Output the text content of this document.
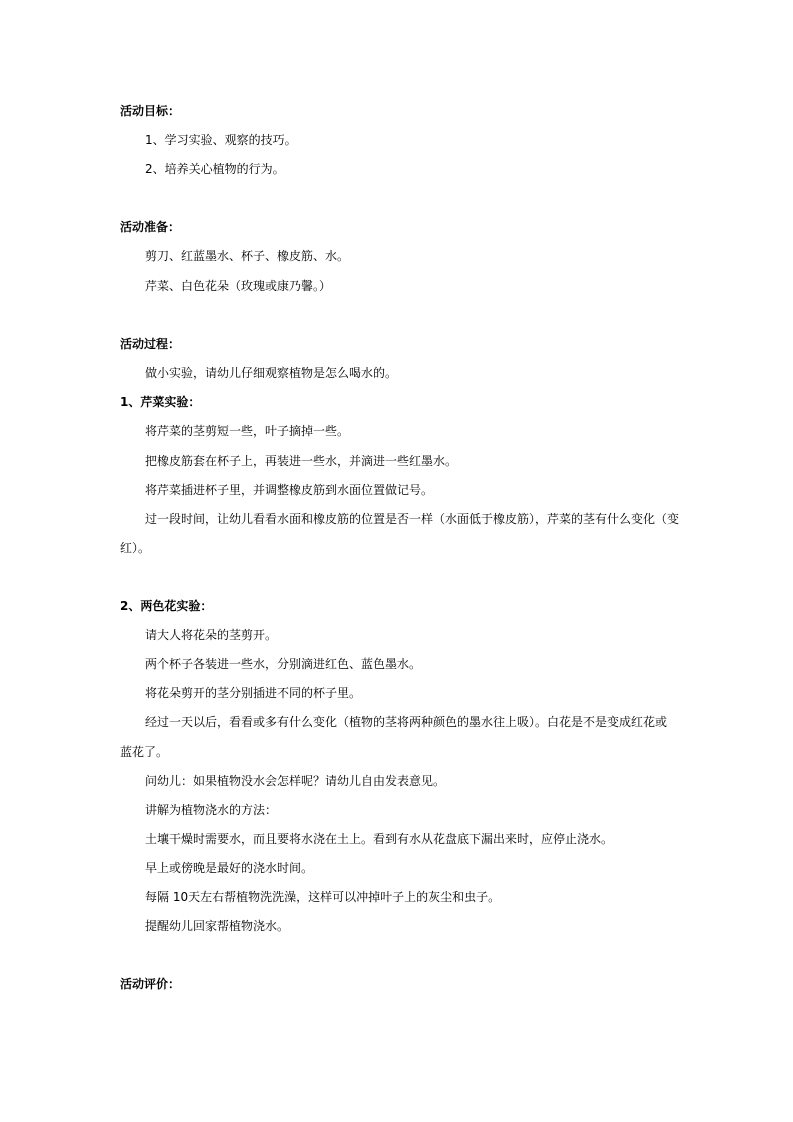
活动目标：
1、学习实验、观察的技巧。
2、培养关心植物的行为。
活动准备：
剪刀、红蓝墨水、杯子、橡皮筋、水。
芹菜、白色花朵（玫瑰或康乃馨。）
活动过程：
做小实验，请幼儿仔细观察植物是怎么喝水的。
1、芹菜实验：
将芹菜的茎剪短一些，叶子摘掉一些。
把橡皮筋套在杯子上，再装进一些水，并滴进一些红墨水。
将芹菜插进杯子里，并调整橡皮筋到水面位置做记号。
过一段时间，让幼儿看看水面和橡皮筋的位置是否一样（水面低于橡皮筋），芹菜的茎有什么变化（变
红）。
2、两色花实验：
请大人将花朵的茎剪开。
两个杯子各装进一些水，分别滴进红色、蓝色墨水。
将花朵剪开的茎分别插进不同的杯子里。
经过一天以后，看看或多有什么变化（植物的茎将两种颜色的墨水往上吸）。白花是不是变成红花或
蓝花了。
问幼儿：如果植物没水会怎样呢？请幼儿自由发表意见。
讲解为植物浇水的方法：
土壤干燥时需要水，而且要将水浇在土上。看到有水从花盘底下漏出来时，应停止浇水。
早上或傍晚是最好的浇水时间。
每隔 10天左右帮植物洗洗澡，这样可以冲掉叶子上的灰尘和虫子。
提醒幼儿回家帮植物浇水。
活动评价：
